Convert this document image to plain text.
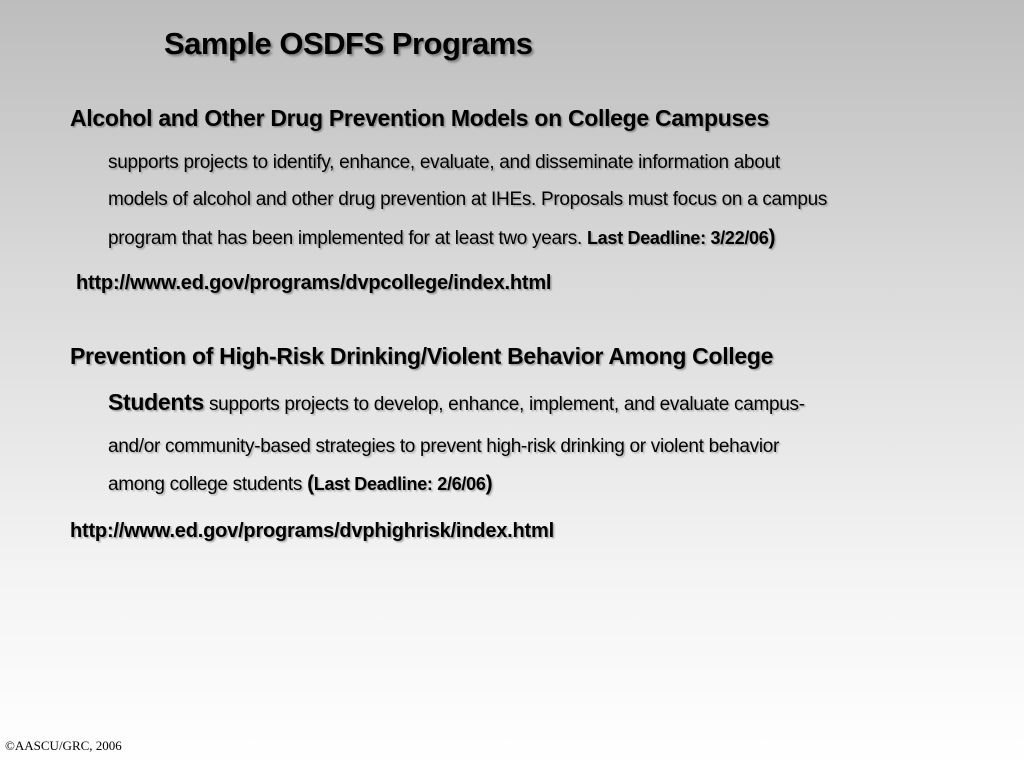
Sample OSDFS Programs
Alcohol and Other Drug Prevention Models on College Campuses
supports projects to identify, enhance, evaluate, and disseminate information about
models of alcohol and other drug prevention at IHEs. Proposals must focus on a campus
program that has been implemented for at least two years. Last Deadline: 3/22/06)
http://www.ed.gov/programs/dvpcollege/index.html
Prevention of High-Risk Drinking/Violent Behavior Among College
Students supports projects to develop, enhance, implement, and evaluate campus-
and/or community-based strategies to prevent high-risk drinking or violent behavior
among college students (Last Deadline: 2/6/06)
http://www.ed.gov/programs/dvphighrisk/index.html
©AASCU/GRC, 2006
